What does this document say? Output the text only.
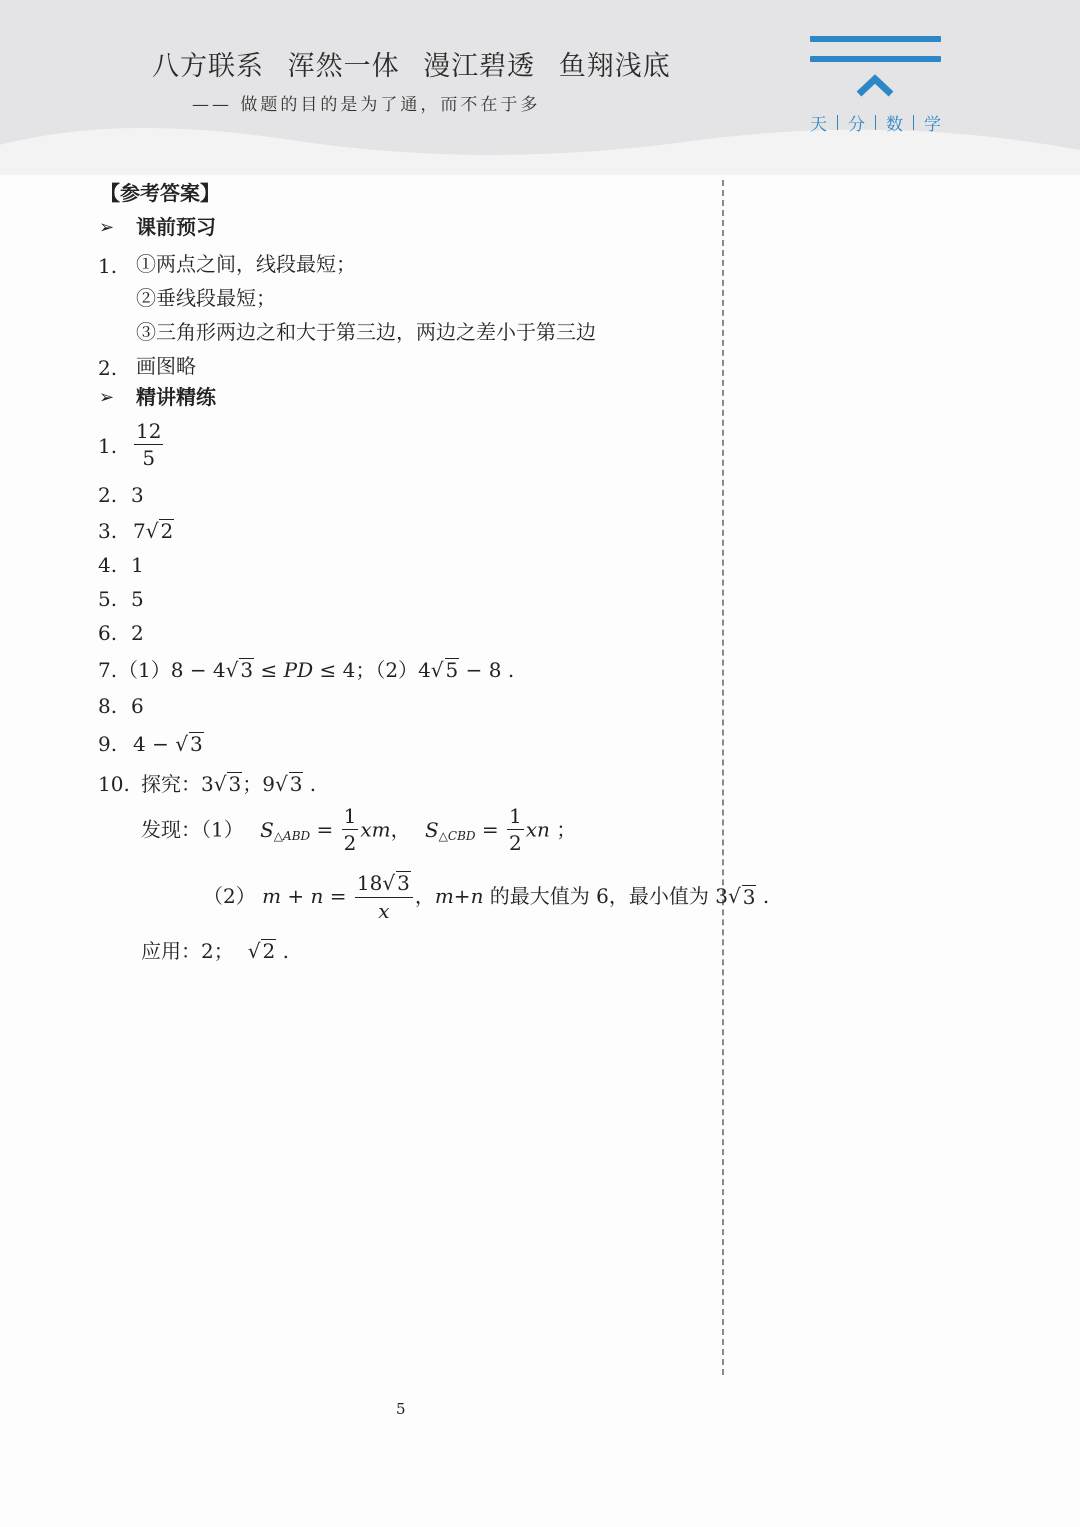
八方联系 浑然一体 漫江碧透 鱼翔浅底
—— 做题的目的是为了通，而不在于多
天 分 数 学
【参考答案】
➢ 课前预习
1. ①两点之间，线段最短；
②垂线段最短；
③三角形两边之和大于第三边，两边之差小于第三边
2. 画图略
➢ 精讲精练
1. $\frac{12}{5}$
2. 3
3. 7√ 2
4. 1
5. 5
6. 2
7. （1）8 − 4√ 3 ≤ PD ≤ 4；（2）4√ 5 − 8 .
8. 6
9. 4 − √ 3
10. 探究：3√ 3；9√ 3 .
发现：（1） $S_{\triangle ABD} = \frac{1}{2}$ xm， $S_{\triangle CBD} = \frac{1}{2}$ xn ；
（2） $m + n = \frac{18√ 3}{x}$ ，m+n 的最大值为 6，最小值为 3√ 3 .
应用：2； √ 2 .
5
